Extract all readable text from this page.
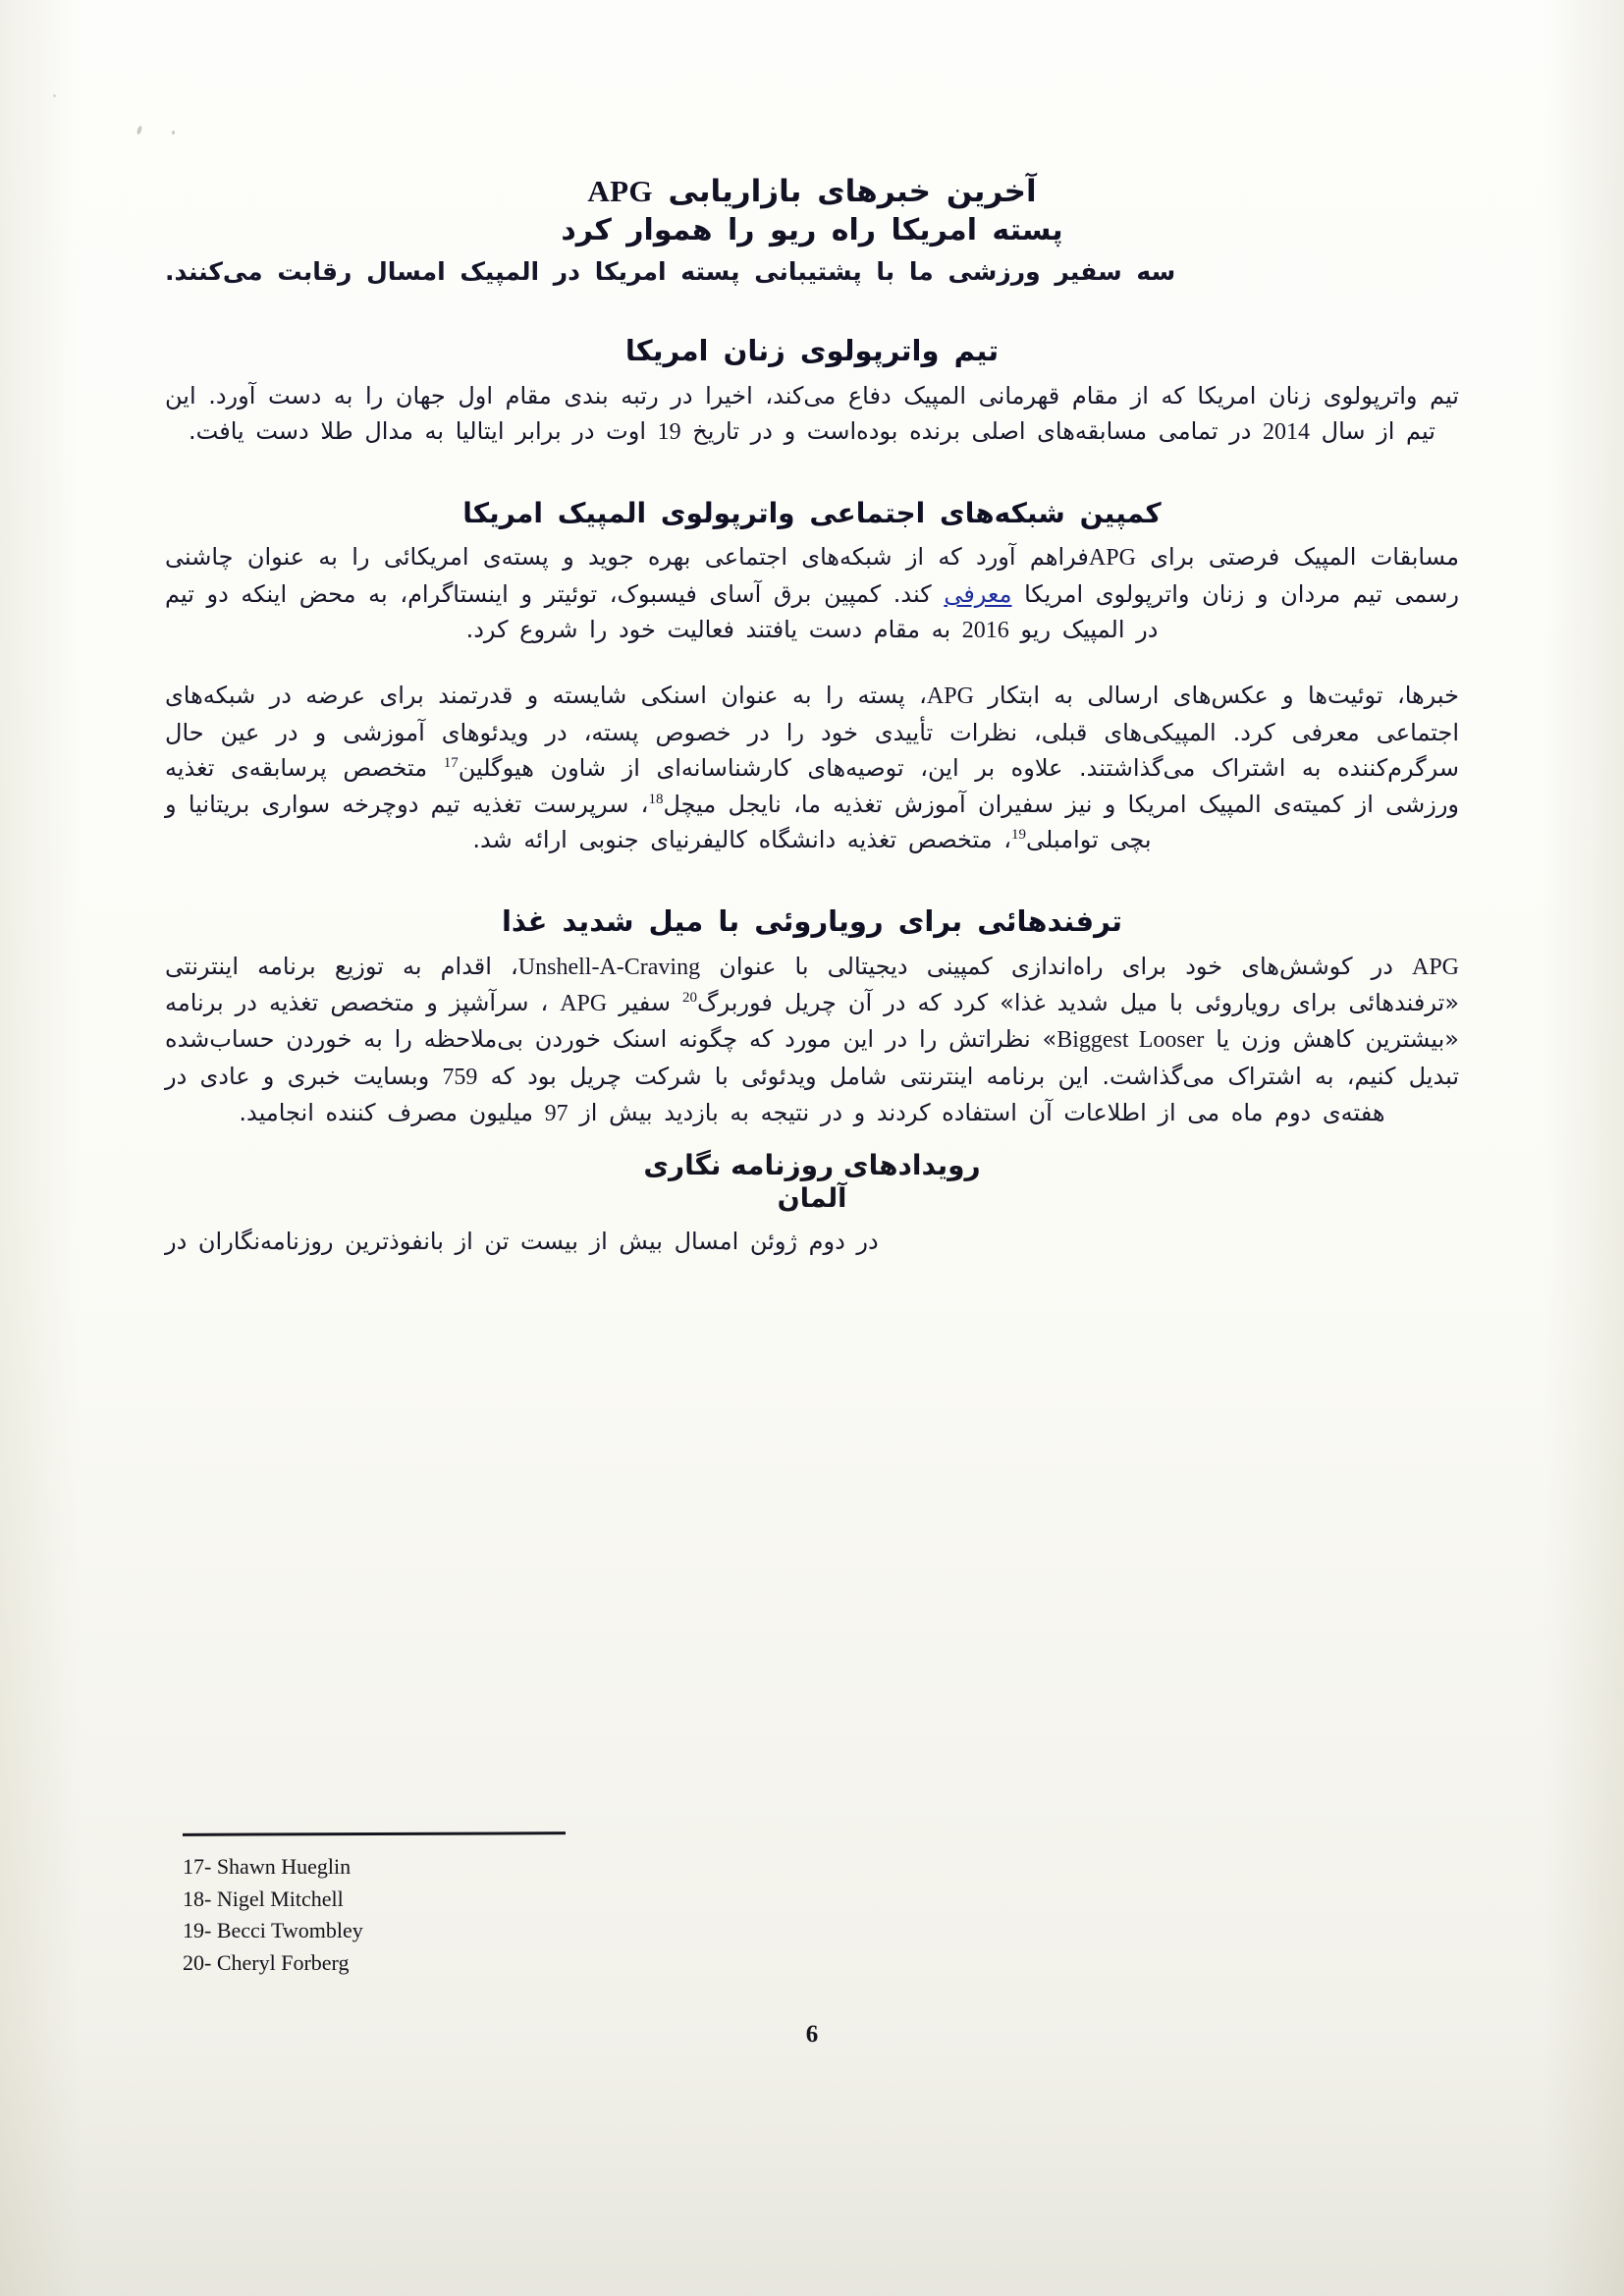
آخرین خبرهای بازاریابی APG
پسته امریکا راه ریو را هموار کرد

سه سفیر ورزشی ما با پشتیبانی پسته امریکا در المپیک امسال رقابت می‌کنند.

تیم واترپولوی زنان امریکا

تیم واترپولوی زنان امریکا که از مقام قهرمانی المپیک دفاع می‌کند، اخیرا در رتبه بندی مقام اول جهان را به دست آورد. این تیم از سال 2014 در تمامی مسابقه‌های اصلی برنده بوده‌است و در تاریخ 19 اوت در برابر ایتالیا به مدال طلا دست یافت.

کمپین شبکه‌های اجتماعی واترپولوی المپیک امریکا

مسابقات المپیک فرصتی برای APGفراهم آورد که از شبکه‌های اجتماعی بهره جوید و پسته‌ی امریکائی را به عنوان چاشنی رسمی تیم مردان و زنان واترپولوی امریکا معرفی کند. کمپین برق آسای فیسبوک، توئیتر و اینستاگرام، به محض اینکه دو تیم در المپیک ریو 2016 به مقام دست یافتند فعالیت خود را شروع کرد.

خبرها، توئیت‌ها و عکس‌های ارسالی به ابتکار APG، پسته را به عنوان اسنکی شایسته و قدرتمند برای عرضه در شبکه‌های اجتماعی معرفی کرد. المپیکی‌های قبلی، نظرات تأییدی خود را در خصوص پسته، در ویدئوهای آموزشی و در عین حال سرگرم‌کننده به اشتراک می‌گذاشتند. علاوه بر این، توصیه‌های کارشناسانه‌ای از شاون هیوگلین$^{17}$ متخصص پرسابقه‌ی تغذیه ورزشی از کمیته‌ی المپیک امریکا و نیز سفیران آموزش تغذیه ما، نایجل میچل$^{18}$، سرپرست تغذیه تیم دوچرخه سواری بریتانیا و بچی توامبلی$^{19}$، متخصص تغذیه دانشگاه کالیفرنیای جنوبی ارائه شد.

ترفندهائی برای رویاروئی با میل شدید غذا

APG در کوشش‌های خود برای راه‌اندازی کمپینی دیجیتالی با عنوان Unshell-A-Craving، اقدام به توزیع برنامه اینترنتی «ترفندهائی برای رویاروئی با میل شدید غذا» کرد که در آن چریل فوربرگ$^{20}$ سفیر APG ، سرآشپز و متخصص تغذیه در برنامه «بیشترین کاهش وزن یا Biggest Looser» نظراتش را در این مورد که چگونه اسنک خوردن بی‌ملاحظه را به خوردن حساب‌شده تبدیل کنیم، به اشتراک می‌گذاشت. این برنامه اینترنتی شامل ویدئوئی با شرکت چریل بود که 759 وبسایت خبری و عادی در هفته‌ی دوم ماه می از اطلاعات آن استفاده کردند و در نتیجه به بازدید بیش از 97 میلیون مصرف کننده انجامید.

رویدادهای روزنامه نگاری
آلمان

در دوم ژوئن امسال بیش از بیست تن از بانفوذترین روزنامه‌نگاران در

17- Shawn Hueglin
18- Nigel Mitchell
19- Becci Twombley
20- Cheryl Forberg
6
